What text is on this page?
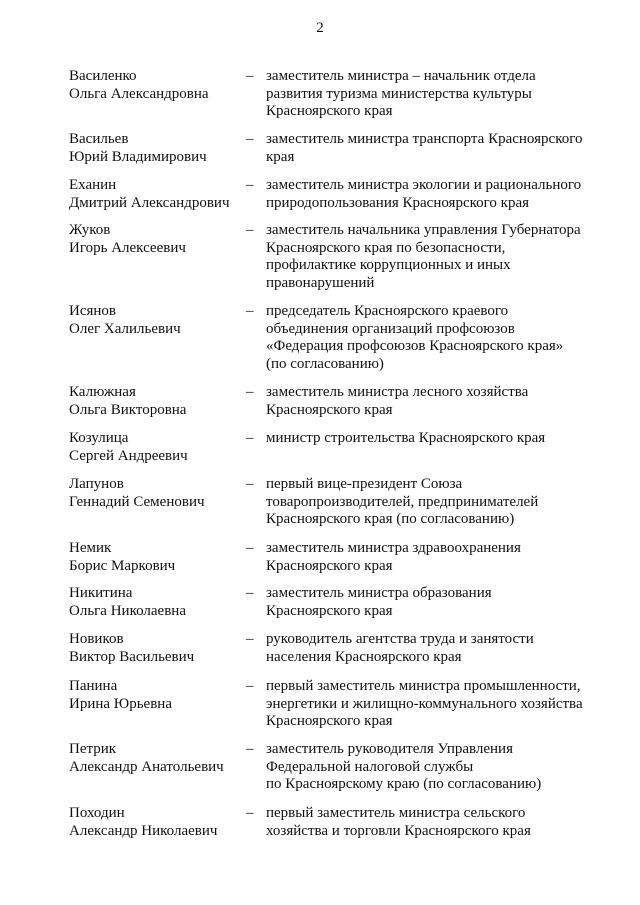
2
Василенко
Ольга Александровна
– заместитель министра – начальник отдела
развития туризма министерства культуры
Красноярского края
Васильев
Юрий Владимирович
– заместитель министра транспорта Красноярского
края
Еханин
Дмитрий Александрович
– заместитель министра экологии и рационального
природопользования Красноярского края
Жуков
Игорь Алексеевич
– заместитель начальника управления Губернатора
Красноярского края по безопасности,
профилактике коррупционных и иных
правонарушений
Исянов
Олег Халильевич
– председатель Красноярского краевого
объединения организаций профсоюзов
«Федерация профсоюзов Красноярского края»
(по согласованию)
Калюжная
Ольга Викторовна
– заместитель министра лесного хозяйства
Красноярского края
Козулица
Сергей Андреевич
– министр строительства Красноярского края
Лапунов
Геннадий Семенович
– первый вице-президент Союза
товаропроизводителей, предпринимателей
Красноярского края (по согласованию)
Немик
Борис Маркович
– заместитель министра здравоохранения
Красноярского края
Никитина
Ольга Николаевна
– заместитель министра образования
Красноярского края
Новиков
Виктор Васильевич
– руководитель агентства труда и занятости
населения Красноярского края
Панина
Ирина Юрьевна
– первый заместитель министра промышленности,
энергетики и жилищно-коммунального хозяйства
Красноярского края
Петрик
Александр Анатольевич
– заместитель руководителя Управления
Федеральной налоговой службы
по Красноярскому краю (по согласованию)
Походин
Александр Николаевич
– первый заместитель министра сельского
хозяйства и торговли Красноярского края
